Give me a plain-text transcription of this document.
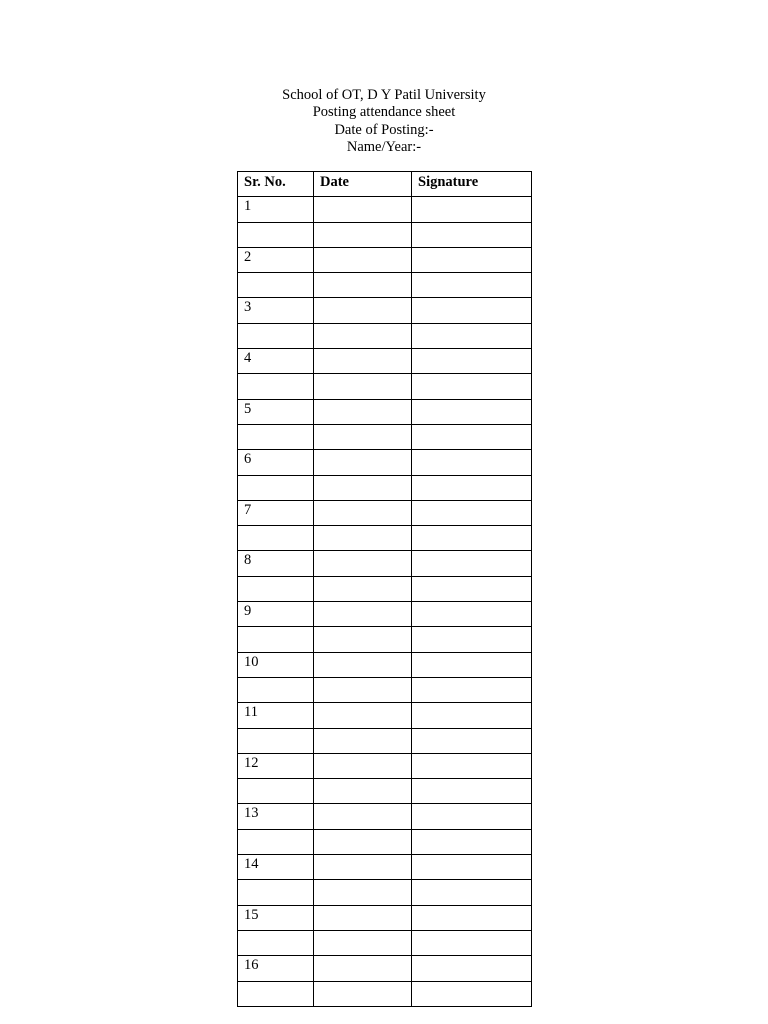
School of OT, D Y Patil University
Posting attendance sheet
Date of Posting:-
Name/Year:-
Sr. No.	Date	Signature
1		

2		

3		

4		

5		

6		

7		

8		

9		

10		

11		

12		

13		

14		

15		

16		
